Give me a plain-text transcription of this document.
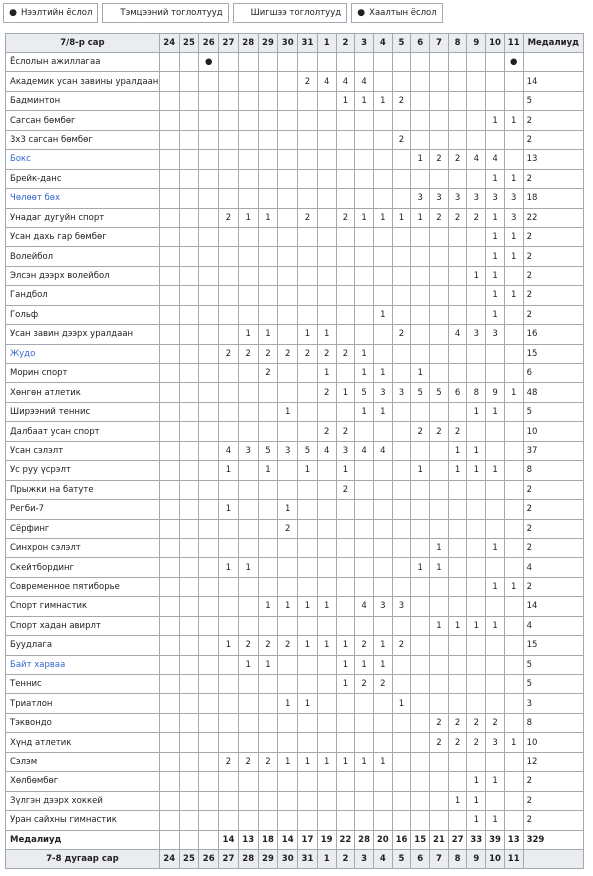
● Нээлтийн ёслол	Тэмцээний тоглолтууд	Шигшээ тоглолтууд ● Хаалтын ёслол
7/8-р сар	24	25	26	27	28	29	30	31	1	2	3	4	5	6	7	8	9	10	11	Медалиуд
Ёслолын ажиллагаа			●																●	
Академик усан завины уралдаан								2	4	4	4									14
Бадминтон										1	1	1	2							5
Сагсан бөмбөг																		1	1	2
3х3 сагсан бөмбөг													2							2
Бокс														1	2	2	4	4		13
Брейк-данс																		1	1	2
Чөлөөт бөх														3	3	3	3	3	3	18
Унадаг дугуйн спорт				2	1	1		2		2	1	1	1	1	2	2	2	1	3	22
Усан дахь гар бөмбөг																		1	1	2
Волейбол																		1	1	2
Элсэн дээрх волейбол																	1	1		2
Гандбол																		1	1	2
Гольф												1						1		2
Усан завин дээрх уралдаан					1	1		1	1				2			4	3	3		16
Жудо				2	2	2	2	2	2	2	1									15
Морин спорт						2			1		1	1		1						6
Хөнгөн атлетик									2	1	5	3	3	5	5	6	8	9	1	48
Ширээний теннис							1				1	1					1	1		5
Далбаат усан спорт									2	2				2	2	2				10
Усан сэлэлт				4	3	5	3	5	4	3	4	4				1	1			37
Ус руу үсрэлт				1		1		1		1				1		1	1	1		8
Прыжки на батуте										2										2
Регби-7				1			1													2
Сёрфинг							2													2
Синхрон сэлэлт															1			1		2
Скейтбординг				1	1									1	1					4
Современное пятиборье																		1	1	2
Спорт гимнастик						1	1	1	1		4	3	3							14
Спорт хадан авирлт															1	1	1	1		4
Буудлага				1	2	2	2	1	1	1	2	1	2							15
Байт харваа					1	1				1	1	1								5
Теннис										1	2	2								5
Триатлон							1	1					1							3
Тэквондо															2	2	2	2		8
Хүнд атлетик															2	2	2	3	1	10
Сэлэм				2	2	2	1	1	1	1	1	1								12
Хөлбөмбөг																	1	1		2
Зүлгэн дээрх хоккей																1	1			2
Уран сайхны гимнастик																	1	1		2
Медалиуд				14	13	18	14	17	19	22	28	20	16	15	21	27	33	39	13	329
7-8 дугаар сар	24	25	26	27	28	29	30	31	1	2	3	4	5	6	7	8	9	10	11	
